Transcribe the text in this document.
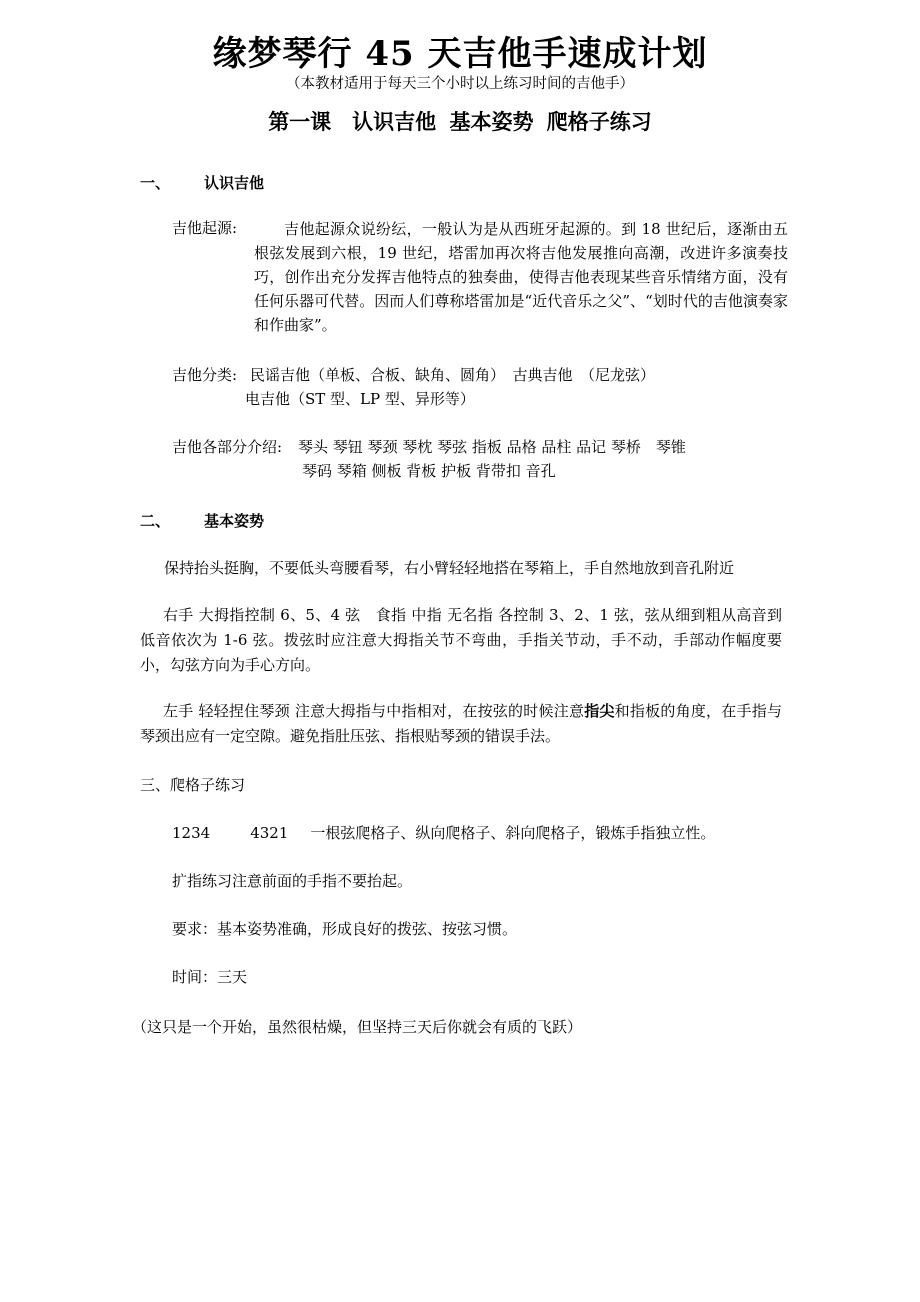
缘梦琴行 45 天吉他手速成计划
（本教材适用于每天三个小时以上练习时间的吉他手）
第一课　认识吉他 基本姿势 爬格子练习
一、 认识吉他
吉他起源:	吉他起源众说纷纭，一般认为是从西班牙起源的。到 18 世纪后，逐渐由五根弦发展到六根，19 世纪，塔雷加再次将吉他发展推向高潮，改进许多演奏技巧，创作出充分发挥吉他特点的独奏曲，使得吉他表现某些音乐情绪方面，没有任何乐器可代替。因而人们尊称塔雷加是“近代音乐之父”、“划时代的吉他演奏家和作曲家”。
吉他分类: 民谣吉他（单板、合板、缺角、圆角）　古典吉他　（尼龙弦）
电吉他（ST 型、LP 型、异形等）
吉他各部分介绍: 琴头 琴钮 琴颈 琴枕 琴弦 指板 品格 品柱 品记 琴桥　琴锥
琴码 琴箱 侧板 背板 护板 背带扣 音孔
二、 基本姿势
保持抬头挺胸，不要低头弯腰看琴，右小臂轻轻地搭在琴箱上，手自然地放到音孔附近
右手 大拇指控制 6、5、4 弦　食指 中指 无名指 各控制 3、2、1 弦，弦从细到粗从高音到低音依次为 1-6 弦。拨弦时应注意大拇指关节不弯曲，手指关节动，手不动，手部动作幅度要小，勾弦方向为手心方向。
左手 轻轻捏住琴颈 注意大拇指与中指相对，在按弦的时候注意指尖和指板的角度，在手指与琴颈出应有一定空隙。避免指肚压弦、指根贴琴颈的错误手法。
三、爬格子练习
1234	4321 一根弦爬格子、纵向爬格子、斜向爬格子，锻炼手指独立性。
扩指练习注意前面的手指不要抬起。
要求：基本姿势准确，形成良好的拨弦、按弦习惯。
时间：三天
（这只是一个开始，虽然很枯燥，但坚持三天后你就会有质的飞跃）
